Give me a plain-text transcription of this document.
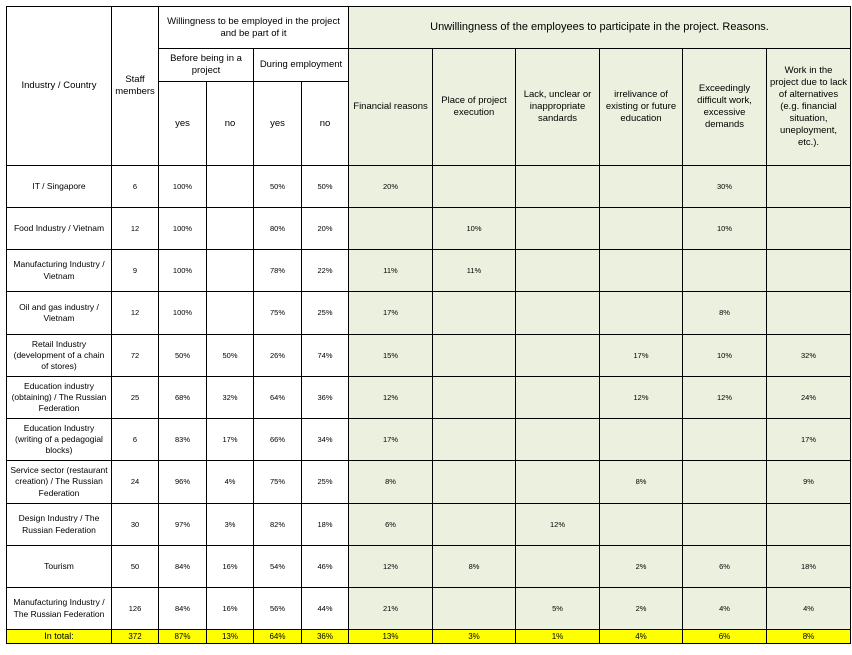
Industry / Country	Staff members	Willingness to be employed in the project and be part of it				Unwillingness of the employees to participate in the project. Reasons.					
		Before being in a project		During employment		Financial reasons	Place of project execution	Lack, unclear or inappropriate sandards	irrelivance of existing or future education	Exceedingly difficult work, excessive demands	Work in the project due to lack of alternatives (e.g. financial situation, uneployment, etc.).
		yes	no	yes	no						
IT / Singapore	6	100%		50%	50%	20%				30%	
Food Industry / Vietnam	12	100%		80%	20%		10%			10%	
Manufacturing Industry / Vietnam	9	100%		78%	22%	11%	11%				
Oil and gas industry / Vietnam	12	100%		75%	25%	17%				8%	
Retail Industry (development of a chain of stores)	72	50%	50%	26%	74%	15%			17%	10%	32%
Education industry (obtaining) / The Russian Federation	25	68%	32%	64%	36%	12%			12%	12%	24%
Education Industry (writing of a pedagogial blocks)	6	83%	17%	66%	34%	17%					17%
Service sector (restaurant creation) / The Russian Federation	24	96%	4%	75%	25%	8%			8%		9%
Design Industry / The Russian Federation	30	97%	3%	82%	18%	6%		12%			
Tourism	50	84%	16%	54%	46%	12%	8%		2%	6%	18%
Manufacturing Industry / The Russian Federation	126	84%	16%	56%	44%	21%		5%	2%	4%	4%
In total:	372	87%	13%	64%	36%	13%	3%	1%	4%	6%	8%
